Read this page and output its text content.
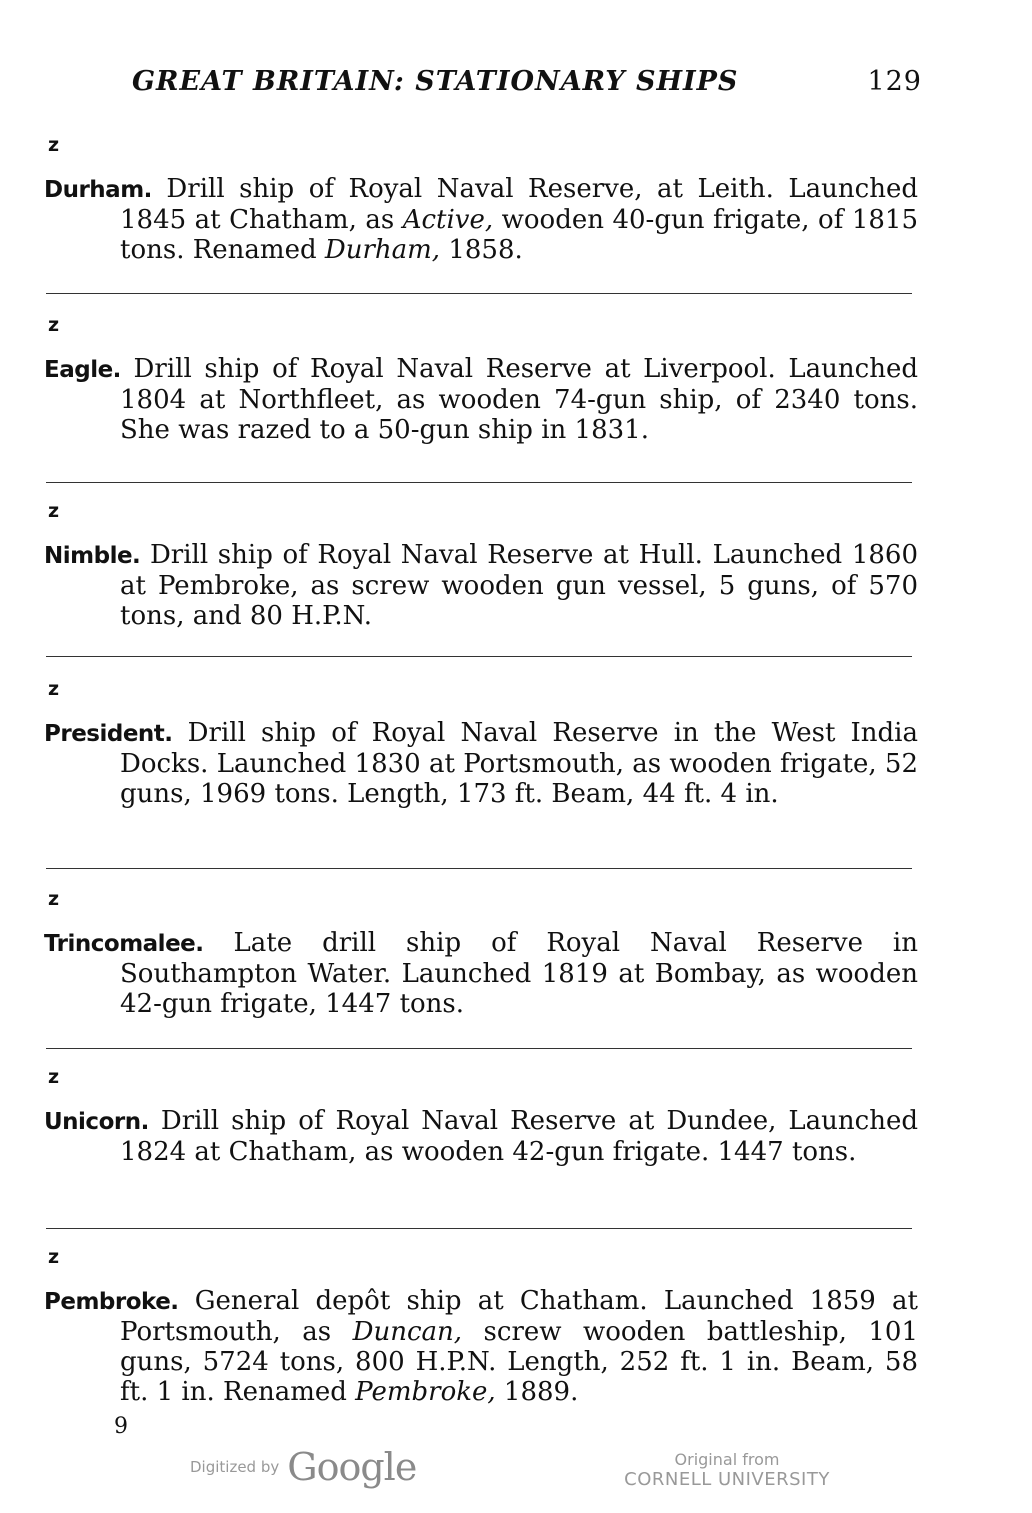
GREAT BRITAIN: STATIONARY SHIPS	129
z

Durham. Drill ship of Royal Naval Reserve, at Leith. Launched 1845 at Chatham, as Active, wooden 40-gun frigate, of 1815 tons. Renamed Durham, 1858.

z

Eagle. Drill ship of Royal Naval Reserve at Liverpool. Launched 1804 at Northfleet, as wooden 74-gun ship, of 2340 tons. She was razed to a 50-gun ship in 1831.

z

Nimble. Drill ship of Royal Naval Reserve at Hull. Launched 1860 at Pembroke, as screw wooden gun vessel, 5 guns, of 570 tons, and 80 H.P.N.

z

President. Drill ship of Royal Naval Reserve in the West India Docks. Launched 1830 at Portsmouth, as wooden frigate, 52 guns, 1969 tons. Length, 173 ft. Beam, 44 ft. 4 in.

z

Trincomalee. Late drill ship of Royal Naval Reserve in Southampton Water. Launched 1819 at Bombay, as wooden 42-gun frigate, 1447 tons.

z

Unicorn. Drill ship of Royal Naval Reserve at Dundee, Launched 1824 at Chatham, as wooden 42-gun frigate. 1447 tons.

z

Pembroke. General depôt ship at Chatham. Launched 1859 at Portsmouth, as Duncan, screw wooden battleship, 101 guns, 5724 tons, 800 H.P.N. Length, 252 ft. 1 in. Beam, 58 ft. 1 in. Renamed Pembroke, 1889.

9
Digitized by Google	Original from
CORNELL UNIVERSITY
